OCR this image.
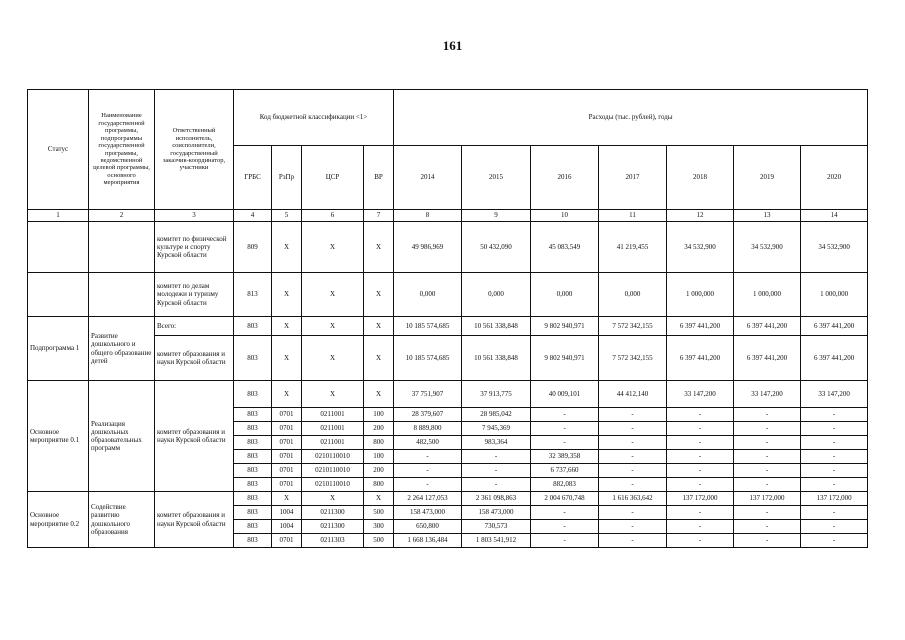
161
Статус	Наименование государственной программы, подпрограммы государственной программы, ведомственной целевой программы, основного мероприятия	Ответственный исполнитель, соисполнители, государственный заказчик-координатор, участники	Код бюджетной классификации <1>				Расходы (тыс. рублей), годы						
			ГРБС	РзПр	ЦСР	ВР	2014	2015	2016	2017	2018	2019	2020
1	2	3	4	5	6	7	8	9	10	11	12	13	14
		комитет по физической культуре и спорту Курской области	809	X	X	X	49 986,969	50 432,090	45 083,549	41 219,455	34 532,900	34 532,900	34 532,900
		комитет по делам молодежи и туризму Курской области	813	X	X	X	0,000	0,000	0,000	0,000	1 000,000	1 000,000	1 000,000
Подпрограмма 1	Развитие дошкольного и общего образование детей	Всего:	803	X	X	X	10 185 574,685	10 561 338,848	9 802 940,971	7 572 342,155	6 397 441,200	6 397 441,200	6 397 441,200
		комитет образования и науки Курской области	803	X	X	X	10 185 574,685	10 561 338,848	9 802 940,971	7 572 342,155	6 397 441,200	6 397 441,200	6 397 441,200
Основное мероприятие 0.1	Реализация дошкольных образовательных программ	комитет образования и науки Курской области	803	X	X	X	37 751,907	37 913,775	40 009,101	44 412,140	33 147,200	33 147,200	33 147,200
			803	0701	0211001	100	28 379,607	28 985,042	-	-	-	-	-
			803	0701	0211001	200	8 889,800	7 945,369	-	-	-	-	-
			803	0701	0211001	800	482,500	983,364	-	-	-	-	-
			803	0701	0210110010	100	-	-	32 389,358	-	-	-	-
			803	0701	0210110010	200	-	-	6 737,660	-	-	-	-
			803	0701	0210110010	800	-	-	882,083	-	-	-	-
Основное мероприятие 0.2	Содействие развитию дошкольного образования	комитет образования и науки Курской области	803	X	X	X	2 264 127,053	2 361 098,863	2 004 670,748	1 616 363,642	137 172,000	137 172,000	137 172,000
			803	1004	0211300	500	158 473,000	158 473,000	-	-	-	-	-
			803	1004	0211300	300	650,800	730,573	-	-	-	-	-
			803	0701	0211303	500	1 668 136,484	1 803 541,912	-	-	-	-	-
